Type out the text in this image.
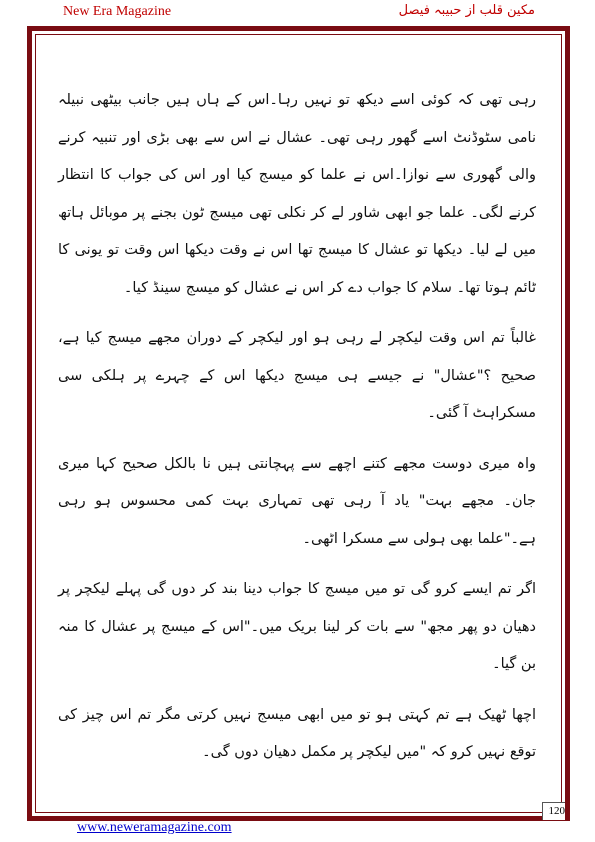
New Era Magazine	مکین قلب از حبیبہ فیصل

رہی تھی کہ کوئی اسے دیکھ تو نہیں رہا۔اس کے ہاں ہیں جانب بیٹھی نبیلہ نامی سٹوڈنٹ اسے گھور رہی تھی۔ عشال نے اس سے بھی بڑی اور تنبیہ کرنے والی گھوری سے نوازا۔اس نے علما کو میسج کیا اور اس کی جواب کا انتظار کرنے لگی۔ علما جو ابھی شاور لے کر نکلی تھی میسج ٹون بجنے پر موبائل ہاتھ میں لے لیا۔ دیکھا تو عشال کا میسج تھا اس نے وقت دیکھا اس وقت تو یونی کا ٹائم ہوتا تھا۔ سلام کا جواب دے کر اس نے عشال کو میسج سینڈ کیا۔

غالباً تم اس وقت لیکچر لے رہی ہو اور لیکچر کے دوران مجھے میسج کیا ہے، صحیح ؟"عشال" نے جیسے ہی میسج دیکھا اس کے چہرے پر ہلکی سی مسکراہٹ آ گئی۔

واہ میری دوست مجھے کتنے اچھے سے پہچانتی ہیں نا بالکل صحیح کہا میری جان۔ مجھے بہت" یاد آ رہی تھی تمہاری بہت کمی محسوس ہو رہی ہے۔"علما بھی ہولی سے مسکرا اٹھی۔

اگر تم ایسے کرو گی تو میں میسج کا جواب دینا بند کر دوں گی پہلے لیکچر پر دھیان دو پھر مجھ" سے بات کر لینا بریک میں۔"اس کے میسج پر عشال کا منہ بن گیا۔

اچھا ٹھیک ہے تم کہتی ہو تو میں ابھی میسج نہیں کرتی مگر تم اس چیز کی توقع نہیں کرو کہ "میں لیکچر پر مکمل دھیان دوں گی۔

120
www.neweramagazine.com
